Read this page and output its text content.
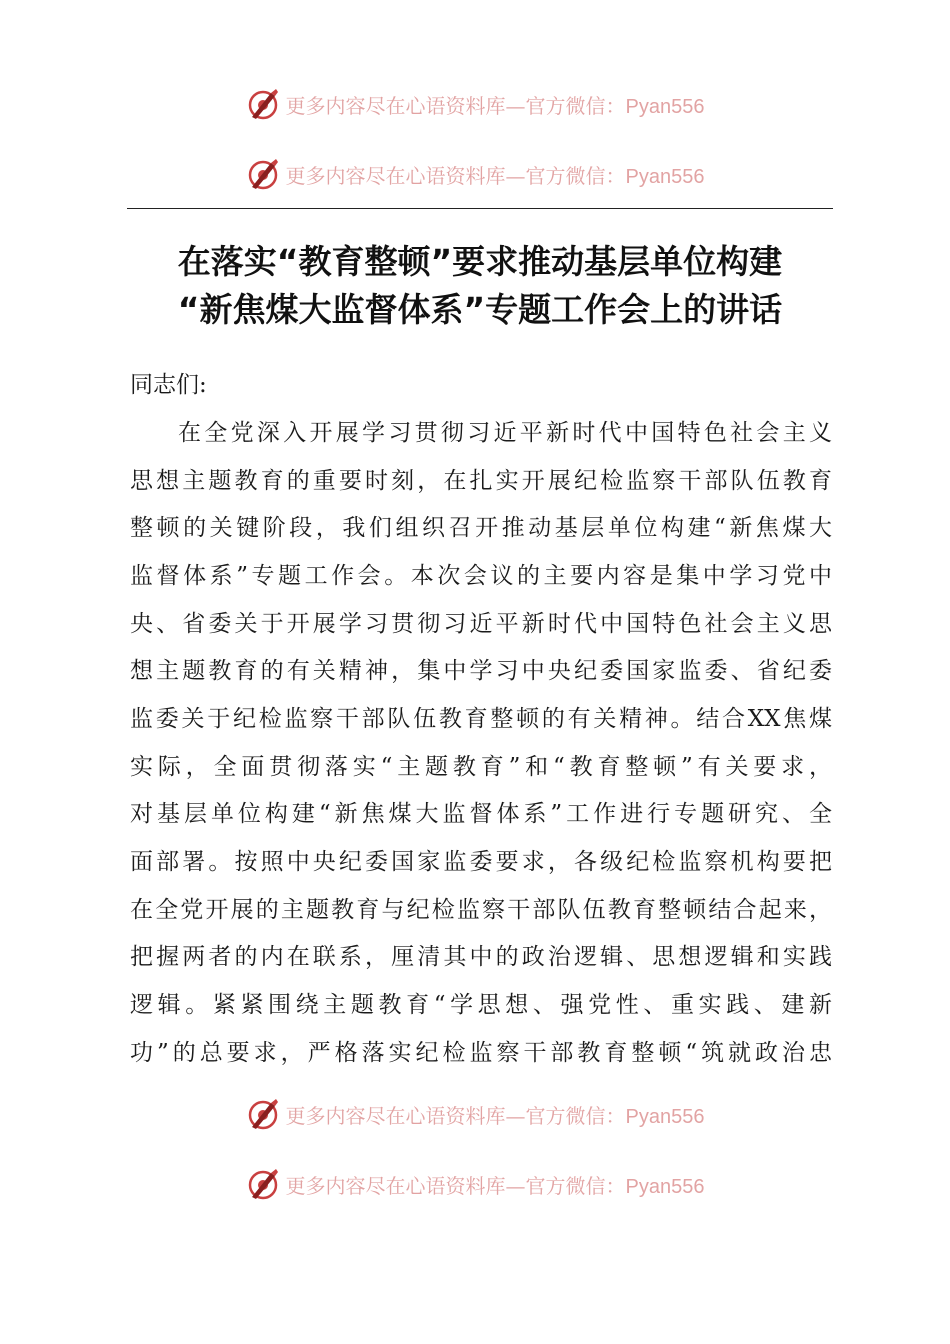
更多内容尽在心语资料库—官方微信：Pyan556
更多内容尽在心语资料库—官方微信：Pyan556
在落实“教育整顿”要求推动基层单位构建
“新焦煤大监督体系”专题工作会上的讲话
同志们:
在全党深入开展学习贯彻习近平新时代中国特色社会主义
思想主题教育的重要时刻，在扎实开展纪检监察干部队伍教育
整顿的关键阶段，我们组织召开推动基层单位构建“新焦煤大
监督体系”专题工作会。本次会议的主要内容是集中学习党中
央、省委关于开展学习贯彻习近平新时代中国特色社会主义思
想主题教育的有关精神，集中学习中央纪委国家监委、省纪委
监委关于纪检监察干部队伍教育整顿的有关精神。结合XX焦煤
实际，全面贯彻落实“主题教育”和“教育整顿”有关要求，
对基层单位构建“新焦煤大监督体系”工作进行专题研究、全
面部署。按照中央纪委国家监委要求，各级纪检监察机构要把
在全党开展的主题教育与纪检监察干部队伍教育整顿结合起来，
把握两者的内在联系，厘清其中的政治逻辑、思想逻辑和实践
逻辑。紧紧围绕主题教育“学思想、强党性、重实践、建新
功”的总要求，严格落实纪检监察干部教育整顿“筑就政治忠
更多内容尽在心语资料库—官方微信：Pyan556
更多内容尽在心语资料库—官方微信：Pyan556
